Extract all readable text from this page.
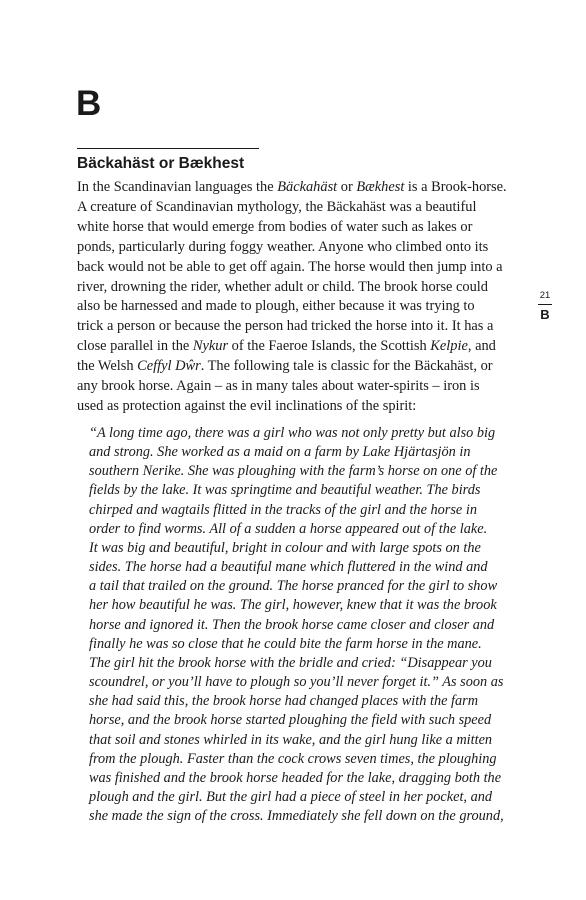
B
Bäckahäst or Bækhest
In the Scandinavian languages the Bäckahäst or Bækhest is a Brook-horse.
A creature of Scandinavian mythology, the Bäckahäst was a beautiful
white horse that would emerge from bodies of water such as lakes or
ponds, particularly during foggy weather. Anyone who climbed onto its
back would not be able to get off again. The horse would then jump into a
river, drowning the rider, whether adult or child. The brook horse could
also be harnessed and made to plough, either because it was trying to
trick a person or because the person had tricked the horse into it. It has a
close parallel in the Nykur of the Faeroe Islands, the Scottish Kelpie, and
the Welsh Ceffyl Dŵr. The following tale is classic for the Bäckahäst, or
any brook horse. Again – as in many tales about water-spirits – iron is
used as protection against the evil inclinations of the spirit:
“A long time ago, there was a girl who was not only pretty but also big
and strong. She worked as a maid on a farm by Lake Hjärtasjön in
southern Nerike. She was ploughing with the farm’s horse on one of the
fields by the lake. It was springtime and beautiful weather. The birds
chirped and wagtails flitted in the tracks of the girl and the horse in
order to find worms. All of a sudden a horse appeared out of the lake.
It was big and beautiful, bright in colour and with large spots on the
sides. The horse had a beautiful mane which fluttered in the wind and
a tail that trailed on the ground. The horse pranced for the girl to show
her how beautiful he was. The girl, however, knew that it was the brook
horse and ignored it. Then the brook horse came closer and closer and
finally he was so close that he could bite the farm horse in the mane.
The girl hit the brook horse with the bridle and cried: “Disappear you
scoundrel, or you’ll have to plough so you’ll never forget it.” As soon as
she had said this, the brook horse had changed places with the farm
horse, and the brook horse started ploughing the field with such speed
that soil and stones whirled in its wake, and the girl hung like a mitten
from the plough. Faster than the cock crows seven times, the ploughing
was finished and the brook horse headed for the lake, dragging both the
plough and the girl. But the girl had a piece of steel in her pocket, and
she made the sign of the cross. Immediately she fell down on the ground,
21
B
